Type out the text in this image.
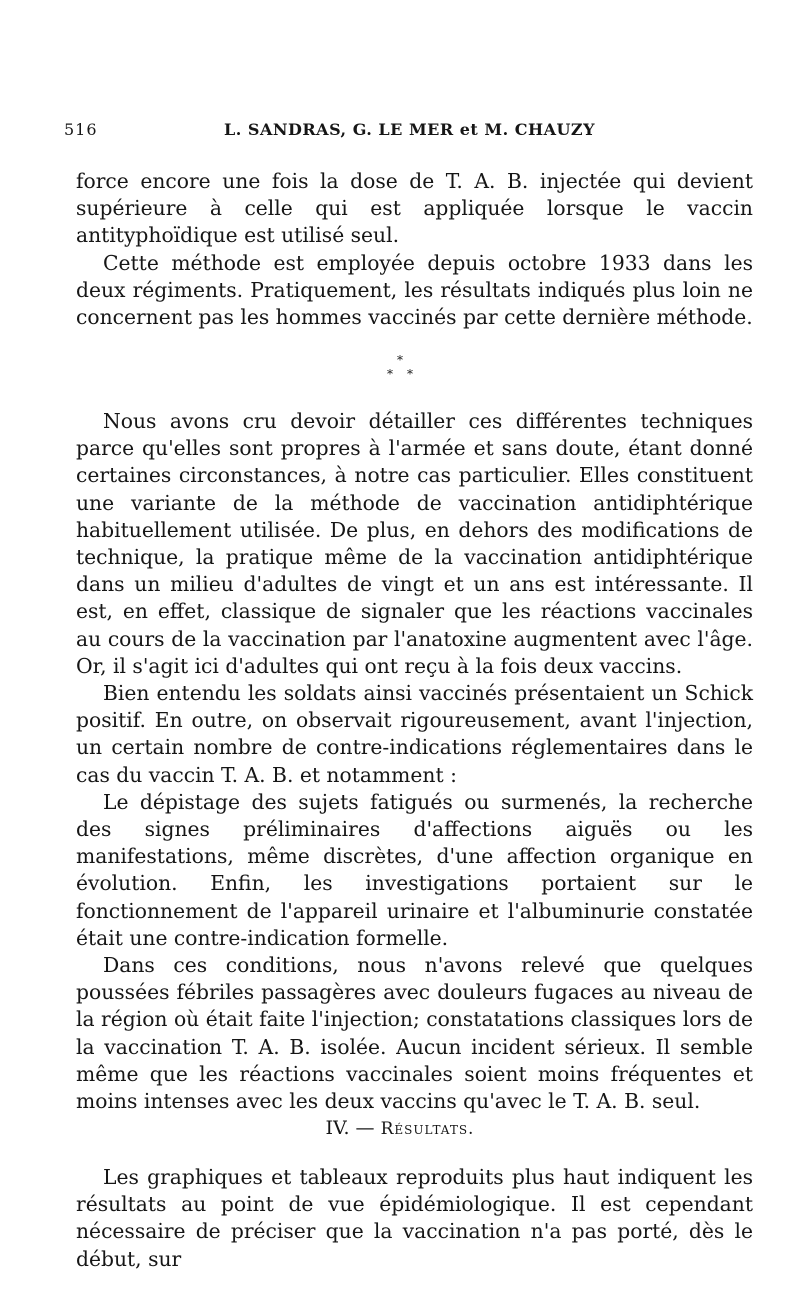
516	L. SANDRAS, G. LE MER et M. CHAUZY

force encore une fois la dose de T. A. B. injectée qui devient supérieure à celle qui est appliquée lorsque le vaccin antityphoïdique est utilisé seul.

Cette méthode est employée depuis octobre 1933 dans les deux régiments. Pratiquement, les résultats indiqués plus loin ne concernent pas les hommes vaccinés par cette dernière méthode.

*
* *

Nous avons cru devoir détailler ces différentes techniques parce qu'elles sont propres à l'armée et sans doute, étant donné certaines circonstances, à notre cas particulier. Elles constituent une variante de la méthode de vaccination antidiphtérique habituellement utilisée. De plus, en dehors des modifications de technique, la pratique même de la vaccination antidiphtérique dans un milieu d'adultes de vingt et un ans est intéressante. Il est, en effet, classique de signaler que les réactions vaccinales au cours de la vaccination par l'anatoxine augmentent avec l'âge. Or, il s'agit ici d'adultes qui ont reçu à la fois deux vaccins.

Bien entendu les soldats ainsi vaccinés présentaient un Schick positif. En outre, on observait rigoureusement, avant l'injection, un certain nombre de contre-indications réglementaires dans le cas du vaccin T. A. B. et notamment :

Le dépistage des sujets fatigués ou surmenés, la recherche des signes préliminaires d'affections aiguës ou les manifestations, même discrètes, d'une affection organique en évolution. Enfin, les investigations portaient sur le fonctionnement de l'appareil urinaire et l'albuminurie constatée était une contre-indication formelle.

Dans ces conditions, nous n'avons relevé que quelques poussées fébriles passagères avec douleurs fugaces au niveau de la région où était faite l'injection; constatations classiques lors de la vaccination T. A. B. isolée. Aucun incident sérieux. Il semble même que les réactions vaccinales soient moins fréquentes et moins intenses avec les deux vaccins qu'avec le T. A. B. seul.

IV. — Résultats.

Les graphiques et tableaux reproduits plus haut indiquent les résultats au point de vue épidémiologique. Il est cependant nécessaire de préciser que la vaccination n'a pas porté, dès le début, sur
